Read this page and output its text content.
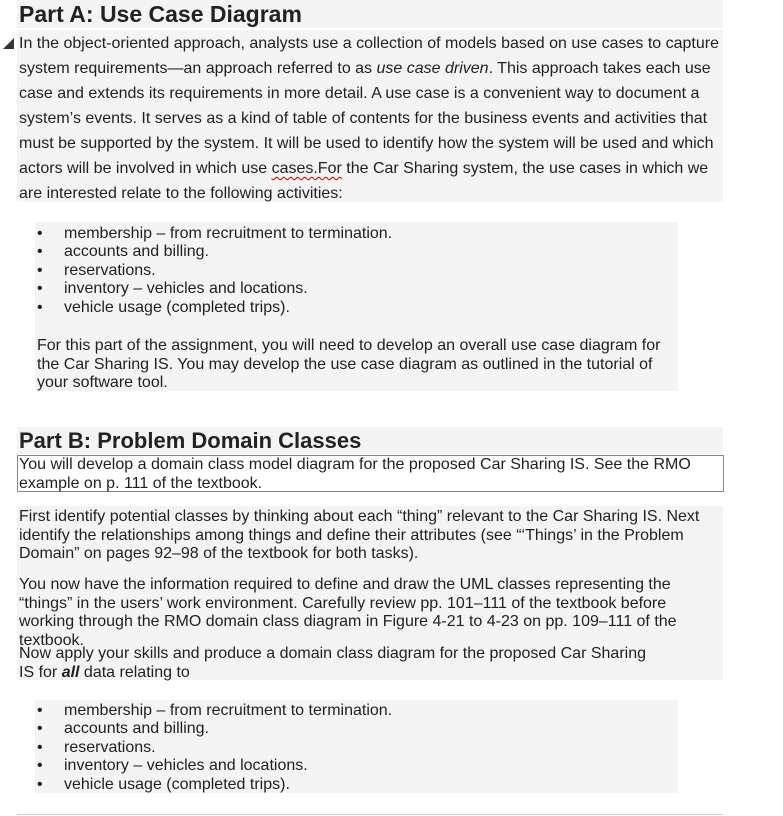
Part A: Use Case Diagram

In the object-oriented approach, analysts use a collection of models based on use cases to capture system requirements—an approach referred to as use case driven. This approach takes each use case and extends its requirements in more detail. A use case is a convenient way to document a system’s events. It serves as a kind of table of contents for the business events and activities that must be supported by the system. It will be used to identify how the system will be used and which actors will be involved in which use cases.For the Car Sharing system, the use cases in which we are interested relate to the following activities:

• membership – from recruitment to termination.
• accounts and billing.
• reservations.
• inventory – vehicles and locations.
• vehicle usage (completed trips).

For this part of the assignment, you will need to develop an overall use case diagram for the Car Sharing IS. You may develop the use case diagram as outlined in the tutorial of your software tool.

Part B: Problem Domain Classes

You will develop a domain class model diagram for the proposed Car Sharing IS. See the RMO example on p. 111 of the textbook.

First identify potential classes by thinking about each “thing” relevant to the Car Sharing IS. Next identify the relationships among things and define their attributes (see “‘Things’ in the Problem Domain” on pages 92–98 of the textbook for both tasks).

You now have the information required to define and draw the UML classes representing the “things” in the users’ work environment. Carefully review pp. 101–111 of the textbook before working through the RMO domain class diagram in Figure 4-21 to 4-23 on pp. 109–111 of the textbook.

Now apply your skills and produce a domain class diagram for the proposed Car Sharing IS for all data relating to

• membership – from recruitment to termination.
• accounts and billing.
• reservations.
• inventory – vehicles and locations.
• vehicle usage (completed trips).
